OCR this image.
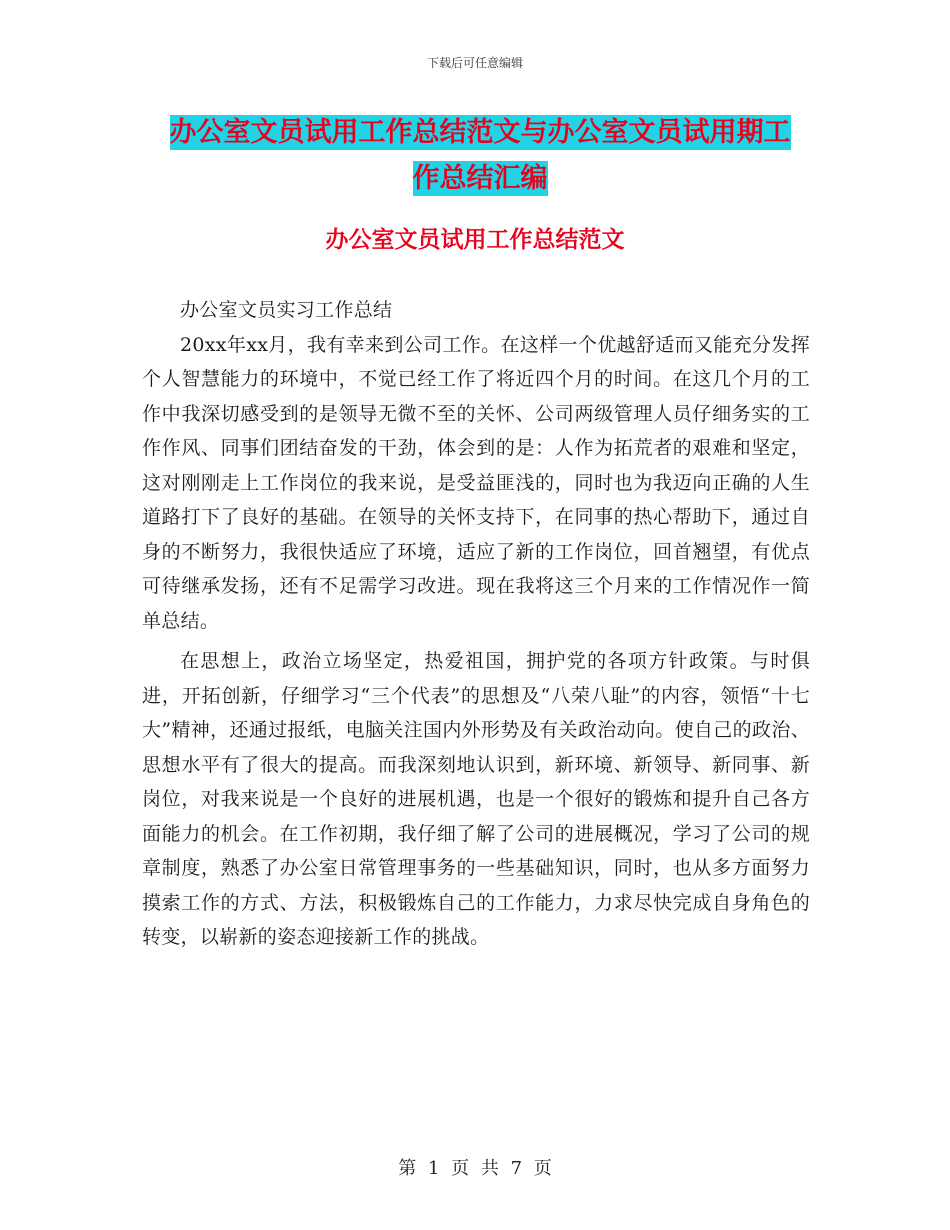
下载后可任意编辑
办公室文员试用工作总结范文与办公室文员试用期工
作总结汇编
办公室文员试用工作总结范文

办公室文员实习工作总结

20xx年xx月，我有幸来到公司工作。在这样一个优越舒适而又能充分发挥个人智慧能力的环境中，不觉已经工作了将近四个月的时间。在这几个月的工作中我深切感受到的是领导无微不至的关怀、公司两级管理人员仔细务实的工作作风、同事们团结奋发的干劲，体会到的是：人作为拓荒者的艰难和坚定，这对刚刚走上工作岗位的我来说，是受益匪浅的，同时也为我迈向正确的人生道路打下了良好的基础。在领导的关怀支持下，在同事的热心帮助下，通过自身的不断努力，我很快适应了环境，适应了新的工作岗位，回首翘望，有优点可待继承发扬，还有不足需学习改进。现在我将这三个月来的工作情况作一简单总结。

在思想上，政治立场坚定，热爱祖国，拥护党的各项方针政策。与时俱进，开拓创新，仔细学习“三个代表”的思想及“八荣八耻”的内容，领悟“十七大”精神，还通过报纸，电脑关注国内外形势及有关政治动向。使自己的政治、思想水平有了很大的提高。而我深刻地认识到，新环境、新领导、新同事、新岗位，对我来说是一个良好的进展机遇，也是一个很好的锻炼和提升自己各方面能力的机会。在工作初期，我仔细了解了公司的进展概况，学习了公司的规章制度，熟悉了办公室日常管理事务的一些基础知识，同时，也从多方面努力摸索工作的方式、方法，积极锻炼自己的工作能力，力求尽快完成自身角色的转变，以崭新的姿态迎接新工作的挑战。

第 1 页 共 7 页
